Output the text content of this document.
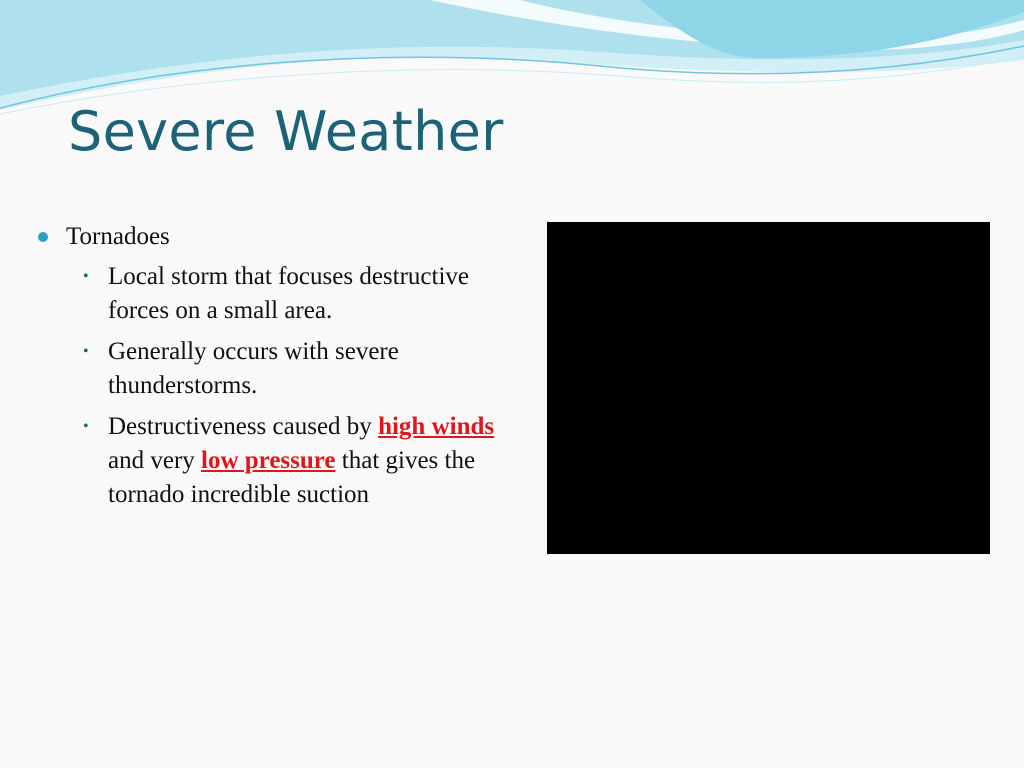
Severe Weather
Tornadoes
• Local storm that focuses destructive forces on a small area.
• Generally occurs with severe thunderstorms.
• Destructiveness caused by high winds and very low pressure that gives the tornado incredible suction
